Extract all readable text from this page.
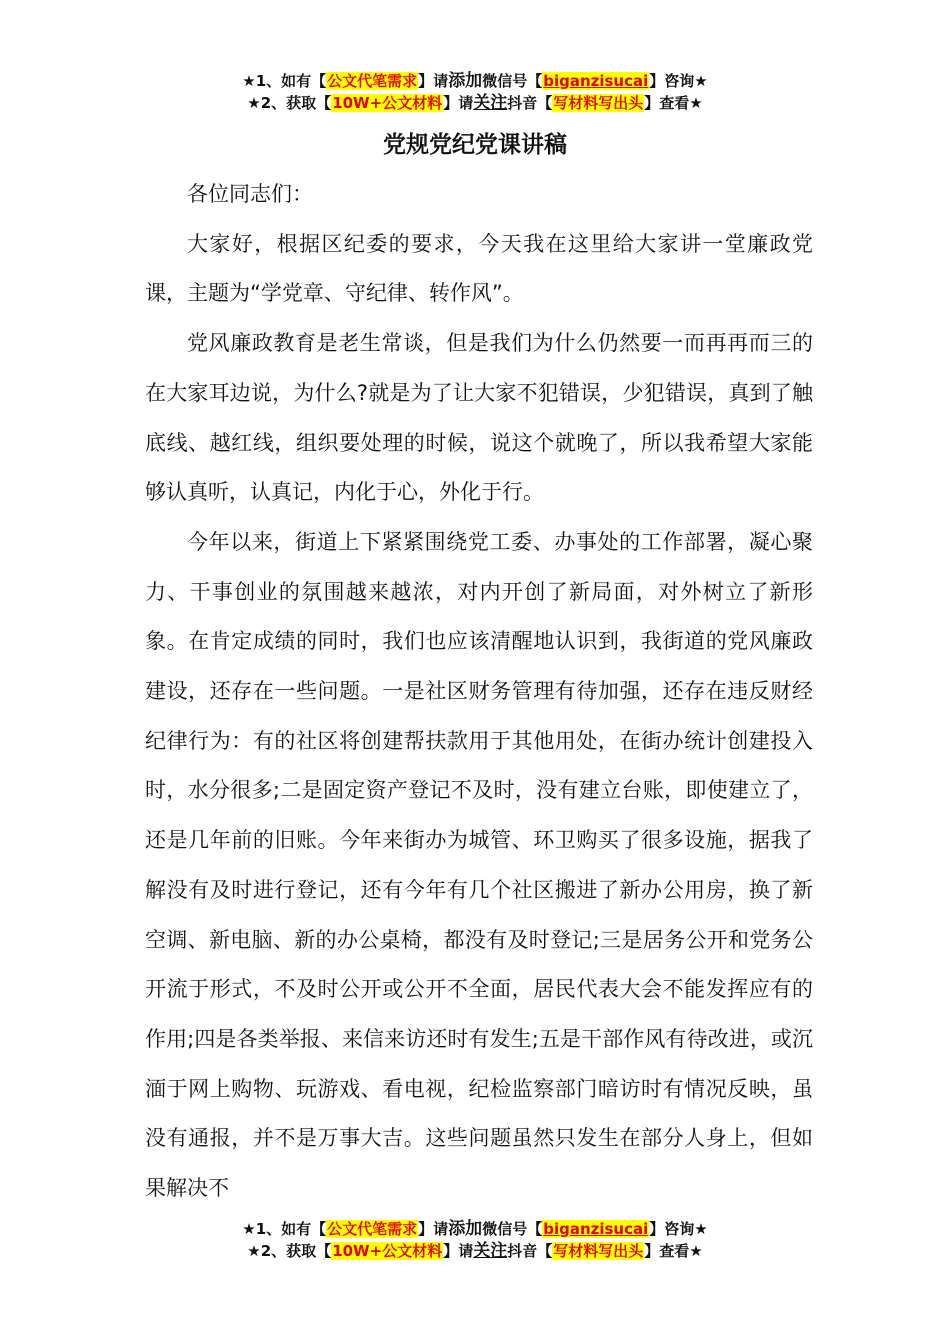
★1、如有【公文代笔需求】请添加微信号【biganzisucai】咨询★
★2、获取【10W+公文材料】请关注抖音【写材料写出头】查看★
党规党纪党课讲稿

各位同志们：

大家好，根据区纪委的要求，今天我在这里给大家讲一堂廉政党课，主题为“学党章、守纪律、转作风”。

党风廉政教育是老生常谈，但是我们为什么仍然要一而再再而三的在大家耳边说，为什么?就是为了让大家不犯错误，少犯错误，真到了触底线、越红线，组织要处理的时候，说这个就晚了，所以我希望大家能够认真听，认真记，内化于心，外化于行。

今年以来，街道上下紧紧围绕党工委、办事处的工作部署，凝心聚力、干事创业的氛围越来越浓，对内开创了新局面，对外树立了新形象。在肯定成绩的同时，我们也应该清醒地认识到，我街道的党风廉政建设，还存在一些问题。一是社区财务管理有待加强，还存在违反财经纪律行为：有的社区将创建帮扶款用于其他用处，在街办统计创建投入时，水分很多;二是固定资产登记不及时，没有建立台账，即使建立了，还是几年前的旧账。今年来街办为城管、环卫购买了很多设施，据我了解没有及时进行登记，还有今年有几个社区搬进了新办公用房，换了新空调、新电脑、新的办公桌椅，都没有及时登记;三是居务公开和党务公开流于形式，不及时公开或公开不全面，居民代表大会不能发挥应有的作用;四是各类举报、来信来访还时有发生;五是干部作风有待改进，或沉湎于网上购物、玩游戏、看电视，纪检监察部门暗访时有情况反映，虽没有通报，并不是万事大吉。这些问题虽然只发生在部分人身上，但如果解决不

★1、如有【公文代笔需求】请添加微信号【biganzisucai】咨询★
★2、获取【10W+公文材料】请关注抖音【写材料写出头】查看★
